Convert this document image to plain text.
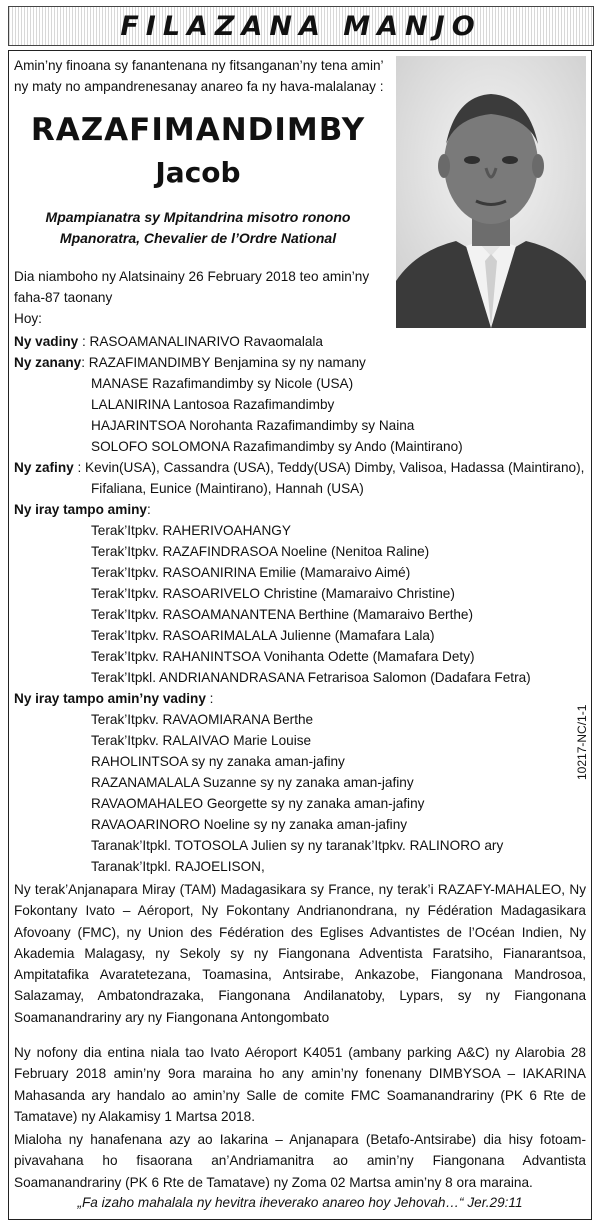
FILAZANA MANJO
Amin’ny finoana sy fanantenana ny fitsanganan’ny tena amin’
ny maty no ampandrenesanay anareo fa ny hava-malalanay :
RAZAFIMANDIMBY
Jacob
Mpampianatra sy Mpitandrina misotro ronono
Mpanoratra, Chevalier de l’Ordre National
Dia niamboho ny Alatsinainy 26 February 2018 teo amin’ny
faha-87 taonany
Hoy:
Ny vadiny : RASOAMANALINARIVO Ravaomalala
Ny zanany: RAZAFIMANDIMBY Benjamina sy ny namany
MANASE Razafimandimby sy Nicole (USA)
LALANIRINA Lantosoa Razafimandimby
HAJARINTSOA Norohanta Razafimandimby sy Naina
SOLOFO SOLOMONA Razafimandimby sy Ando (Maintirano)
Ny zafiny : Kevin(USA), Cassandra (USA), Teddy(USA) Dimby, Valisoa, Hadassa (Maintirano),
Fifaliana, Eunice (Maintirano), Hannah (USA)
Ny iray tampo aminy:
Terak’Itpkv. RAHERIVOAHANGY
Terak’Itpkv. RAZAFINDRASOA Noeline (Nenitoa Raline)
Terak’Itpkv. RASOANIRINA Emilie (Mamaraivo Aimé)
Terak’Itpkv. RASOARIVELO Christine (Mamaraivo Christine)
Terak’Itpkv. RASOAMANANTENA Berthine (Mamaraivo Berthe)
Terak’Itpkv. RASOARIMALALA Julienne (Mamafara Lala)
Terak’Itpkv. RAHANINTSOA Vonihanta Odette (Mamafara Dety)
Terak’Itpkl. ANDRIANANDRASANA Fetrarisoa Salomon (Dadafara Fetra)
Ny iray tampo amin’ny vadiny :
Terak’Itpkv. RAVAOMIARANA Berthe
Terak’Itpkv. RALAIVAO Marie Louise
RAHOLINTSOA sy ny zanaka aman-jafiny
RAZANAMALALA Suzanne sy ny zanaka aman-jafiny
RAVAOMAHALEO Georgette sy ny zanaka aman-jafiny
RAVAOARINORO Noeline sy ny zanaka aman-jafiny
Taranak’Itpkl. TOTOSOLA Julien sy ny taranak’Itpkv. RALINORO ary
Taranak’Itpkl. RAJOELISON,
10217-NC/1-1
Ny terak’Anjanapara Miray (TAM) Madagasikara sy France, ny terak’i RAZAFY-MAHALEO, Ny Fokontany Ivato – Aéroport, Ny Fokontany Andrianondrana, ny Fédération Madagasikara Afovoany (FMC), ny Union des Fédération des Eglises Advantistes de l’Océan Indien, Ny Akademia Malagasy, ny Sekoly sy ny Fiangonana Adventista Faratsiho, Fianarantsoa, Ampitatafika Avaratetezana, Toamasina, Antsirabe, Ankazobe, Fiangonana Mandrosoa, Salazamay, Ambatondrazaka, Fiangonana Andilanatoby, Lypars, sy ny Fiangonana Soamanandrariny ary ny Fiangonana Antongombato
Ny nofony dia entina niala tao Ivato Aéroport K4051 (ambany parking A&C) ny Alarobia 28 February 2018 amin’ny 9ora maraina ho any amin’ny fonenany DIMBYSOA – IAKARINA Mahasanda ary handalo ao amin’ny Salle de comite FMC Soamanandrariny (PK 6 Rte de Tamatave) ny Alakamisy 1 Martsa 2018.
Mialoha ny hanafenana azy ao Iakarina – Anjanapara (Betafo-Antsirabe) dia hisy fotoam-pivavahana ho fisaorana an’Andriamanitra ao amin’ny Fiangonana Advantista Soamanandrariny (PK 6 Rte de Tamatave) ny Zoma 02 Martsa amin’ny 8 ora maraina.
„Fa izaho mahalala ny hevitra iheverako anareo hoy Jehovah…“ Jer.29:11
